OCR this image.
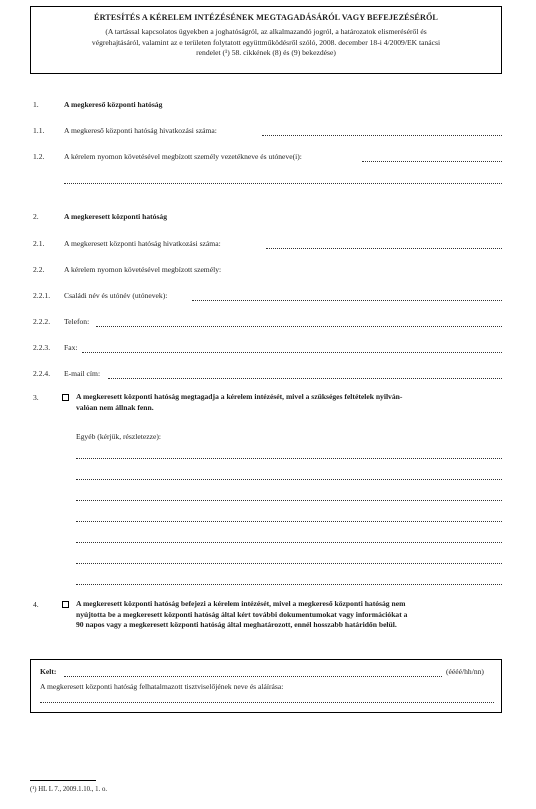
ÉRTESÍTÉS A KÉRELEM INTÉZÉSÉNEK MEGTAGADÁSÁRÓL VAGY BEFEJEZÉSÉRŐL
(A tartással kapcsolatos ügyekben a joghatóságról, az alkalmazandó jogról, a határozatok elismeréséről és
végrehajtásáról, valamint az e területen folytatott együttműködésről szóló, 2008. december 18-i 4/2009/EK tanácsi
rendelet (¹) 58. cikkének (8) és (9) bekezdése)
1.	A megkereső központi hatóság
1.1.	A megkereső központi hatóság hivatkozási száma:
1.2.	A kérelem nyomon követésével megbízott személy vezetékneve és utóneve(i):
2.	A megkeresett központi hatóság
2.1.	A megkeresett központi hatóság hivatkozási száma:
2.2.	A kérelem nyomon követésével megbízott személy:
2.2.1. Családi név és utónév (utónevek):
2.2.2. Telefon:
2.2.3. Fax:
2.2.4. E-mail cím:
3.	A megkeresett központi hatóság megtagadja a kérelem intézését, mivel a szükséges feltételek nyilván-
valóan nem állnak fenn.
Egyéb (kérjük, részletezze):
4.	A megkeresett központi hatóság befejezi a kérelem intézését, mivel a megkereső központi hatóság nem
nyújtotta be a megkeresett központi hatóság által kért további dokumentumokat vagy információkat a
90 napos vagy a megkeresett központi hatóság által meghatározott, ennél hosszabb határidőn belül.
Kelt:	(éééé/hh/nn)
A megkeresett központi hatóság felhatalmazott tisztviselőjének neve és aláírása:
(¹) HL L 7., 2009.1.10., 1. o.
